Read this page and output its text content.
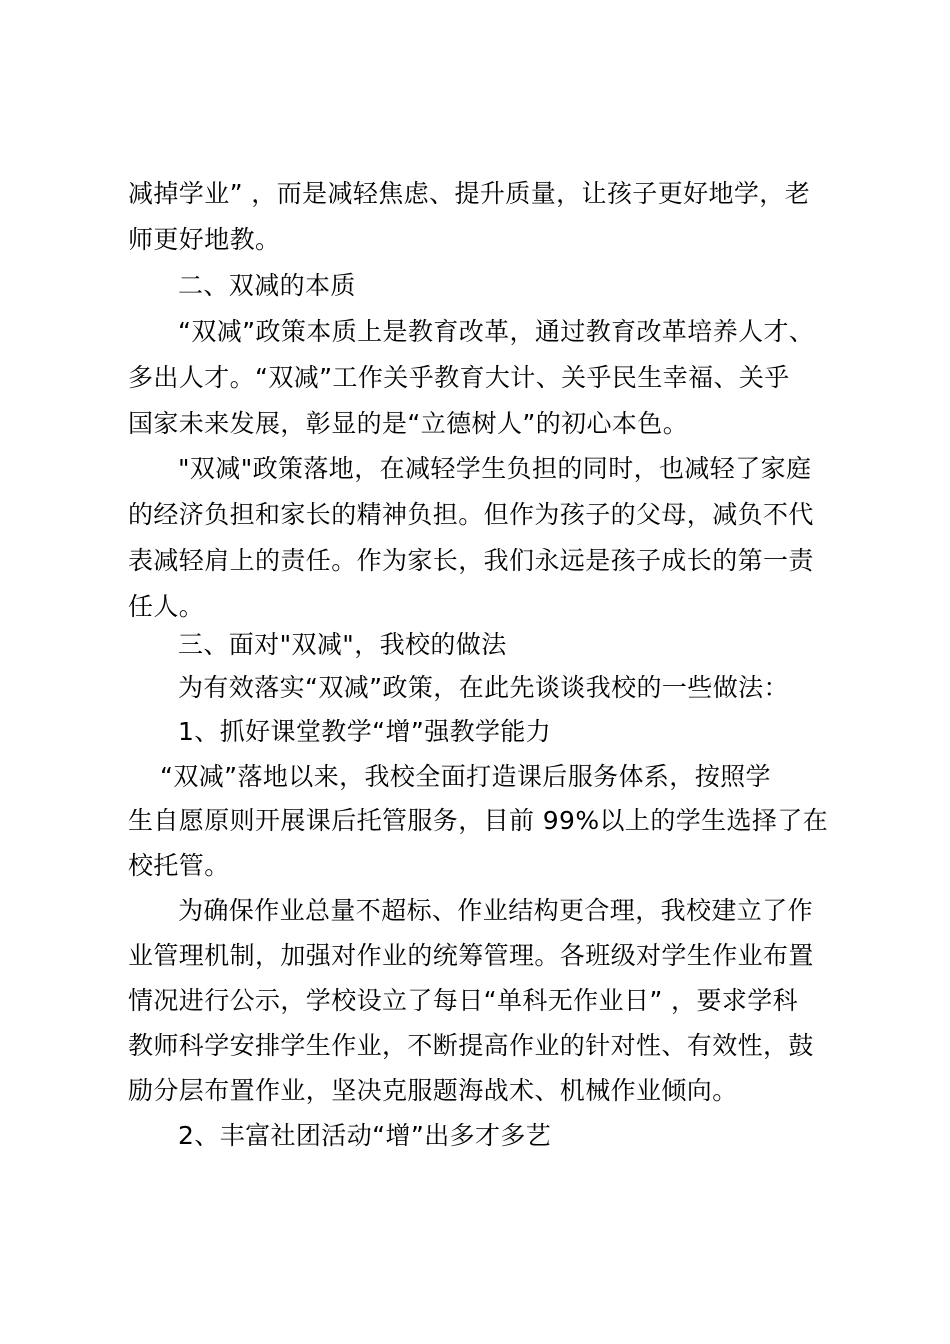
减掉学业” ，而是减轻焦虑、提升质量，让孩子更好地学，老
师更好地教。
二、双减的本质
“双减”政策本质上是教育改革，通过教育改革培养人才、
多出人才。“双减”工作关乎教育大计、关乎民生幸福、关乎
国家未来发展，彰显的是“立德树人”的初心本色。
"双减"政策落地，在减轻学生负担的同时，也减轻了家庭
的经济负担和家长的精神负担。但作为孩子的父母，减负不代
表减轻肩上的责任。作为家长，我们永远是孩子成长的第一责
任人。
三、面对"双减"，我校的做法
为有效落实“双减”政策，在此先谈谈我校的一些做法：
1、抓好课堂教学“增”强教学能力
“双减”落地以来，我校全面打造课后服务体系，按照学
生自愿原则开展课后托管服务，目前 99%以上的学生选择了在
校托管。
为确保作业总量不超标、作业结构更合理，我校建立了作
业管理机制，加强对作业的统筹管理。各班级对学生作业布置
情况进行公示，学校设立了每日“单科无作业日” ，要求学科
教师科学安排学生作业，不断提高作业的针对性、有效性，鼓
励分层布置作业，坚决克服题海战术、机械作业倾向。
2、丰富社团活动“增”出多才多艺
